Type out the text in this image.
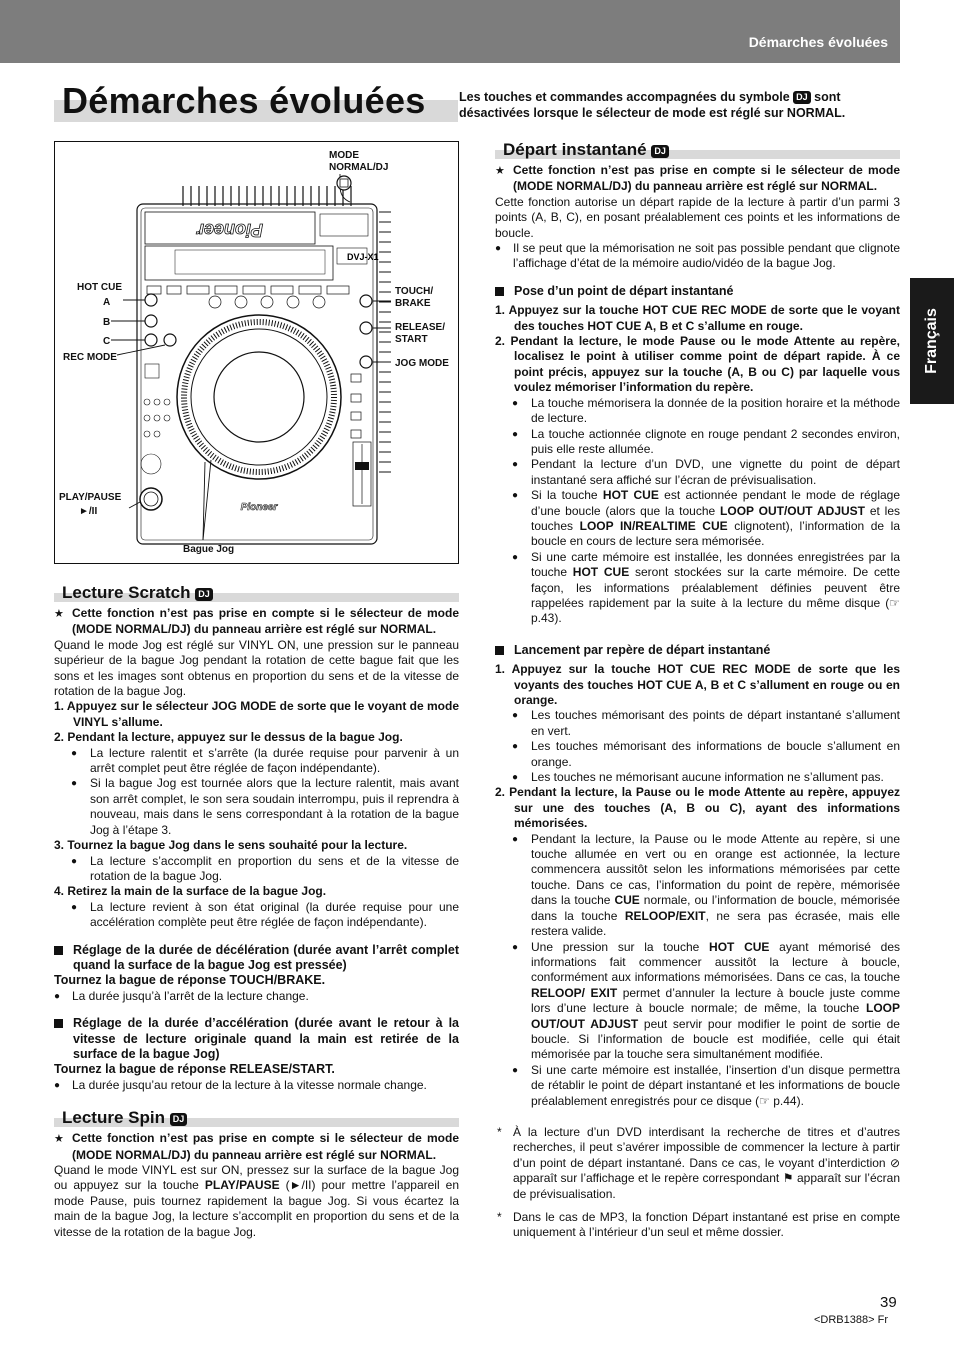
Démarches évoluées
Français
Démarches évoluées	Les touches et commandes accompagnées du symbole DJ sont désactivées lorsque le sélecteur de mode est réglé sur NORMAL.
Pioneer
DVJ-X1
Pioneer
MODE
NORMAL/DJ
HOT CUE
A
B
C
REC MODE
TOUCH/
BRAKE
RELEASE/
START
JOG MODE
PLAY/PAUSE
►/II
Bague Jog
Lecture Scratch DJ

★ Cette fonction n’est pas prise en compte si le sélecteur de mode (MODE NORMAL/DJ) du panneau arrière est réglé sur NORMAL.

Quand le mode Jog est réglé sur VINYL ON, une pression sur le panneau supérieur de la bague Jog pendant la rotation de cette bague fait que les sons et les images sont obtenus en proportion du sens et de la vitesse de rotation de la bague Jog.

1. Appuyez sur le sélecteur JOG MODE de sorte que le voyant de mode VINYL s’allume.

2. Pendant la lecture, appuyez sur le dessus de la bague Jog.

● La lecture ralentit et s’arrête (la durée requise pour parvenir à un arrêt complet peut être réglée de façon indépendante).

● Si la bague Jog est tournée alors que la lecture ralentit, mais avant son arrêt complet, le son sera soudain interrompu, puis il reprendra à nouveau, mais dans le sens correspondant à la rotation de la bague Jog à l’étape 3.

3. Tournez la bague Jog dans le sens souhaité pour la lecture.

● La lecture s’accomplit en proportion du sens et de la vitesse de rotation de la bague Jog.

4. Retirez la main de la surface de la bague Jog.

● La lecture revient à son état original (la durée requise pour une accélération complète peut être réglée de façon indépendante).

Réglage de la durée de décélération (durée avant l’arrêt complet quand la surface de la bague Jog est pressée)

Tournez la bague de réponse TOUCH/BRAKE.

● La durée jusqu’à l’arrêt de la lecture change.

Réglage de la durée d’accélération (durée avant le retour à la vitesse de lecture originale quand la main est retirée de la surface de la bague Jog)

Tournez la bague de réponse RELEASE/START.

● La durée jusqu’au retour de la lecture à la vitesse normale change.

Lecture Spin DJ

★ Cette fonction n’est pas prise en compte si le sélecteur de mode (MODE NORMAL/DJ) du panneau arrière est réglé sur NORMAL.

Quand le mode VINYL est sur ON, pressez sur la surface de la bague Jog ou appuyez sur la touche PLAY/PAUSE (►/II) pour mettre l’appareil en mode Pause, puis tournez rapidement la bague Jog. Si vous écartez la main de la bague Jog, la lecture s’accomplit en proportion du sens et de la vitesse de la rotation de la bague Jog.

Départ instantané DJ

★ Cette fonction n’est pas prise en compte si le sélecteur de mode (MODE NORMAL/DJ) du panneau arrière est réglé sur NORMAL.

Cette fonction autorise un départ rapide de la lecture à partir d’un parmi 3 points (A, B, C), en posant préalablement ces points et les informations de boucle.

● Il se peut que la mémorisation ne soit pas possible pendant que clignote l’affichage d’état de la mémoire audio/vidéo de la bague Jog.

Pose d’un point de départ instantané

1. Appuyez sur la touche HOT CUE REC MODE de sorte que le voyant des touches HOT CUE A, B et C s’allume en rouge.

2. Pendant la lecture, le mode Pause ou le mode Attente au repère, localisez le point à utiliser comme point de départ rapide. À ce point précis, appuyez sur la touche (A, B ou C) par laquelle vous voulez mémoriser l’information du repère.

● La touche mémorisera la donnée de la position horaire et la méthode de lecture.

● La touche actionnée clignote en rouge pendant 2 secondes environ, puis elle reste allumée.

● Pendant la lecture d’un DVD, une vignette du point de départ instantané sera affiché sur l’écran de prévisualisation.

● Si la touche HOT CUE est actionnée pendant le mode de réglage d’une boucle (alors que la touche LOOP OUT/OUT ADJUST et les touches LOOP IN/REALTIME CUE clignotent), l’information de la boucle en cours de lecture sera mémorisée.

● Si une carte mémoire est installée, les données enregistrées par la touche HOT CUE seront stockées sur la carte mémoire. De cette façon, les informations préalablement définies peuvent être rappelées rapidement par la suite à la lecture du même disque (☞ p.43).

Lancement par repère de départ instantané

1. Appuyez sur la touche HOT CUE REC MODE de sorte que les voyants des touches HOT CUE A, B et C s’allument en rouge ou en orange.

● Les touches mémorisant des points de départ instantané s’allument en vert.

● Les touches mémorisant des informations de boucle s’allument en orange.

● Les touches ne mémorisant aucune information ne s’allument pas.

2. Pendant la lecture, la Pause ou le mode Attente au repère, appuyez sur une des touches (A, B ou C), ayant des informations mémorisées.

● Pendant la lecture, la Pause ou le mode Attente au repère, si une touche allumée en vert ou en orange est actionnée, la lecture commencera aussitôt selon les informations mémorisées par cette touche. Dans ce cas, l’information du point de repère, mémorisée dans la touche CUE normale, ou l’information de boucle, mémorisée dans la touche RELOOP/EXIT, ne sera pas écrasée, mais elle restera valide.

● Une pression sur la touche HOT CUE ayant mémorisé des informations fait commencer aussitôt la lecture à boucle, conformément aux informations mémorisées. Dans ce cas, la touche RELOOP/ EXIT permet d’annuler la lecture à boucle juste comme lors d’une lecture à boucle normale; de même, la touche LOOP OUT/OUT ADJUST peut servir pour modifier le point de sortie de boucle. Si l’information de boucle est modifiée, celle qui était mémorisée par la touche sera simultanément modifiée.

● Si une carte mémoire est installée, l’insertion d’un disque permettra de rétablir le point de départ instantané et les informations de boucle préalablement enregistrés pour ce disque (☞ p.44).

* À la lecture d’un DVD interdisant la recherche de titres et d’autres recherches, il peut s’avérer impossible de commencer la lecture à partir d’un point de départ instantané. Dans ce cas, le voyant d’interdiction ⊘ apparaît sur l’affichage et le repère correspondant ⚑ apparaît sur l’écran de prévisualisation.

* Dans le cas de MP3, la fonction Départ instantané est prise en compte uniquement à l’intérieur d’un seul et même dossier.

39
<DRB1388> Fr
